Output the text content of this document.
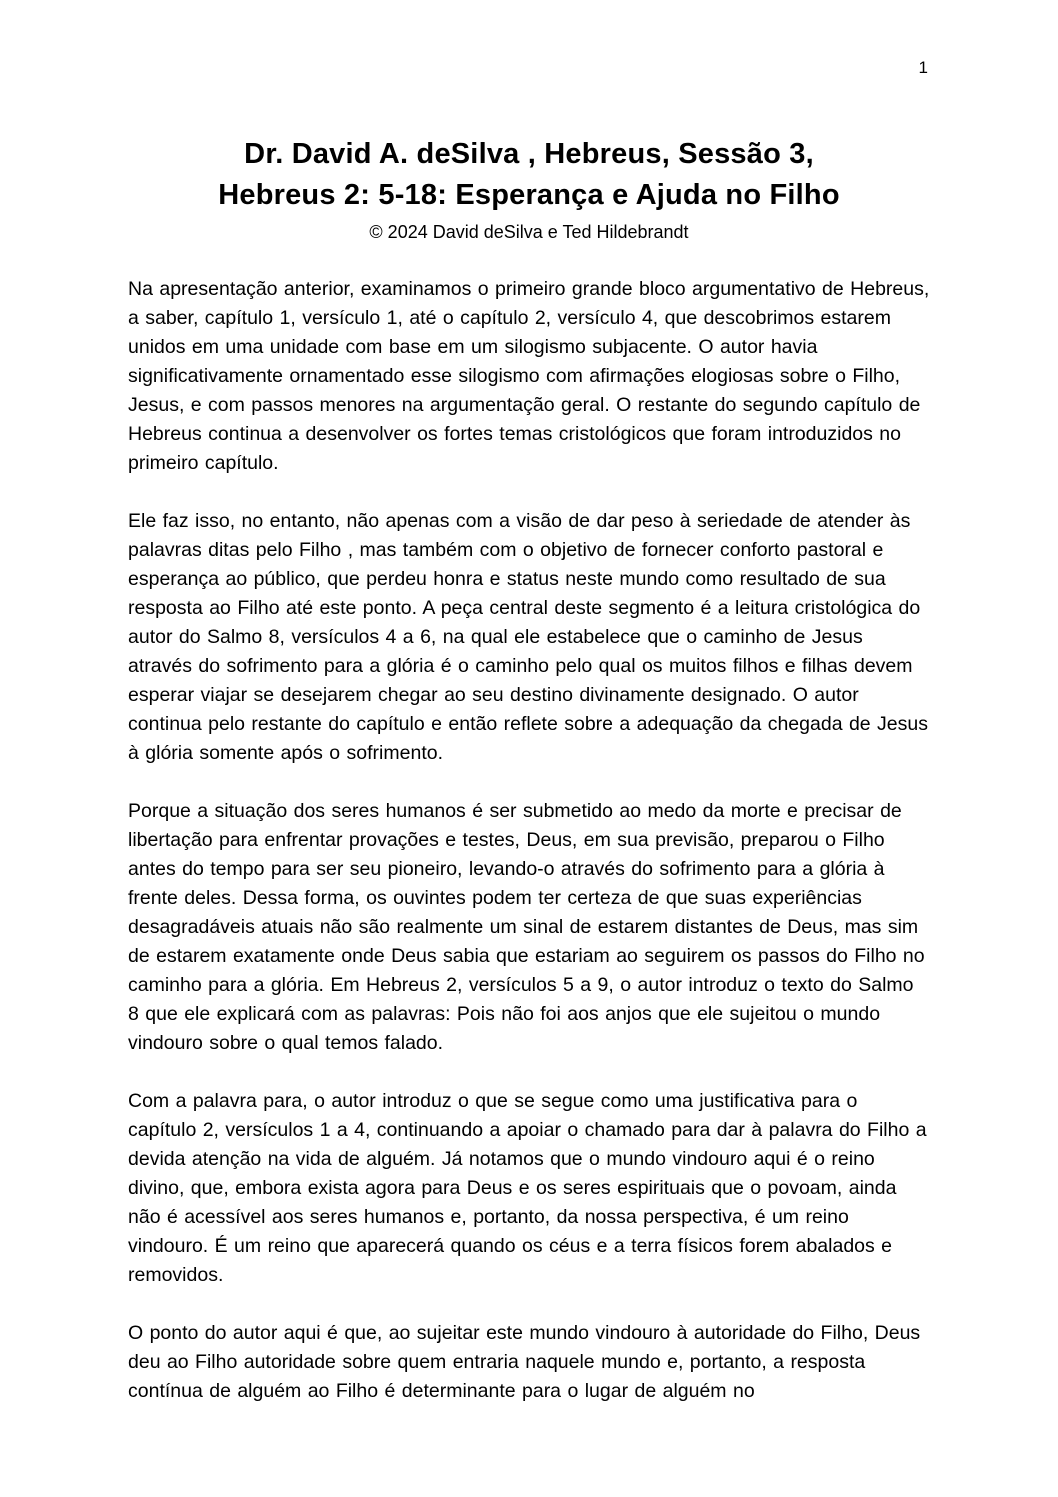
1
Dr. David A. deSilva , Hebreus, Sessão 3,
Hebreus 2: 5-18: Esperança e Ajuda no Filho
© 2024 David deSilva e Ted Hildebrandt

Na apresentação anterior, examinamos o primeiro grande bloco argumentativo de Hebreus, a saber, capítulo 1, versículo 1, até o capítulo 2, versículo 4, que descobrimos estarem unidos em uma unidade com base em um silogismo subjacente. O autor havia significativamente ornamentado esse silogismo com afirmações elogiosas sobre o Filho, Jesus, e com passos menores na argumentação geral. O restante do segundo capítulo de Hebreus continua a desenvolver os fortes temas cristológicos que foram introduzidos no primeiro capítulo.

Ele faz isso, no entanto, não apenas com a visão de dar peso à seriedade de atender às palavras ditas pelo Filho , mas também com o objetivo de fornecer conforto pastoral e esperança ao público, que perdeu honra e status neste mundo como resultado de sua resposta ao Filho até este ponto. A peça central deste segmento é a leitura cristológica do autor do Salmo 8, versículos 4 a 6, na qual ele estabelece que o caminho de Jesus através do sofrimento para a glória é o caminho pelo qual os muitos filhos e filhas devem esperar viajar se desejarem chegar ao seu destino divinamente designado. O autor continua pelo restante do capítulo e então reflete sobre a adequação da chegada de Jesus à glória somente após o sofrimento.

Porque a situação dos seres humanos é ser submetido ao medo da morte e precisar de libertação para enfrentar provações e testes, Deus, em sua previsão, preparou o Filho antes do tempo para ser seu pioneiro, levando-o através do sofrimento para a glória à frente deles. Dessa forma, os ouvintes podem ter certeza de que suas experiências desagradáveis atuais não são realmente um sinal de estarem distantes de Deus, mas sim de estarem exatamente onde Deus sabia que estariam ao seguirem os passos do Filho no caminho para a glória. Em Hebreus 2, versículos 5 a 9, o autor introduz o texto do Salmo 8 que ele explicará com as palavras: Pois não foi aos anjos que ele sujeitou o mundo vindouro sobre o qual temos falado.

Com a palavra para, o autor introduz o que se segue como uma justificativa para o capítulo 2, versículos 1 a 4, continuando a apoiar o chamado para dar à palavra do Filho a devida atenção na vida de alguém. Já notamos que o mundo vindouro aqui é o reino divino, que, embora exista agora para Deus e os seres espirituais que o povoam, ainda não é acessível aos seres humanos e, portanto, da nossa perspectiva, é um reino vindouro. É um reino que aparecerá quando os céus e a terra físicos forem abalados e removidos.

O ponto do autor aqui é que, ao sujeitar este mundo vindouro à autoridade do Filho, Deus deu ao Filho autoridade sobre quem entraria naquele mundo e, portanto, a resposta contínua de alguém ao Filho é determinante para o lugar de alguém no
